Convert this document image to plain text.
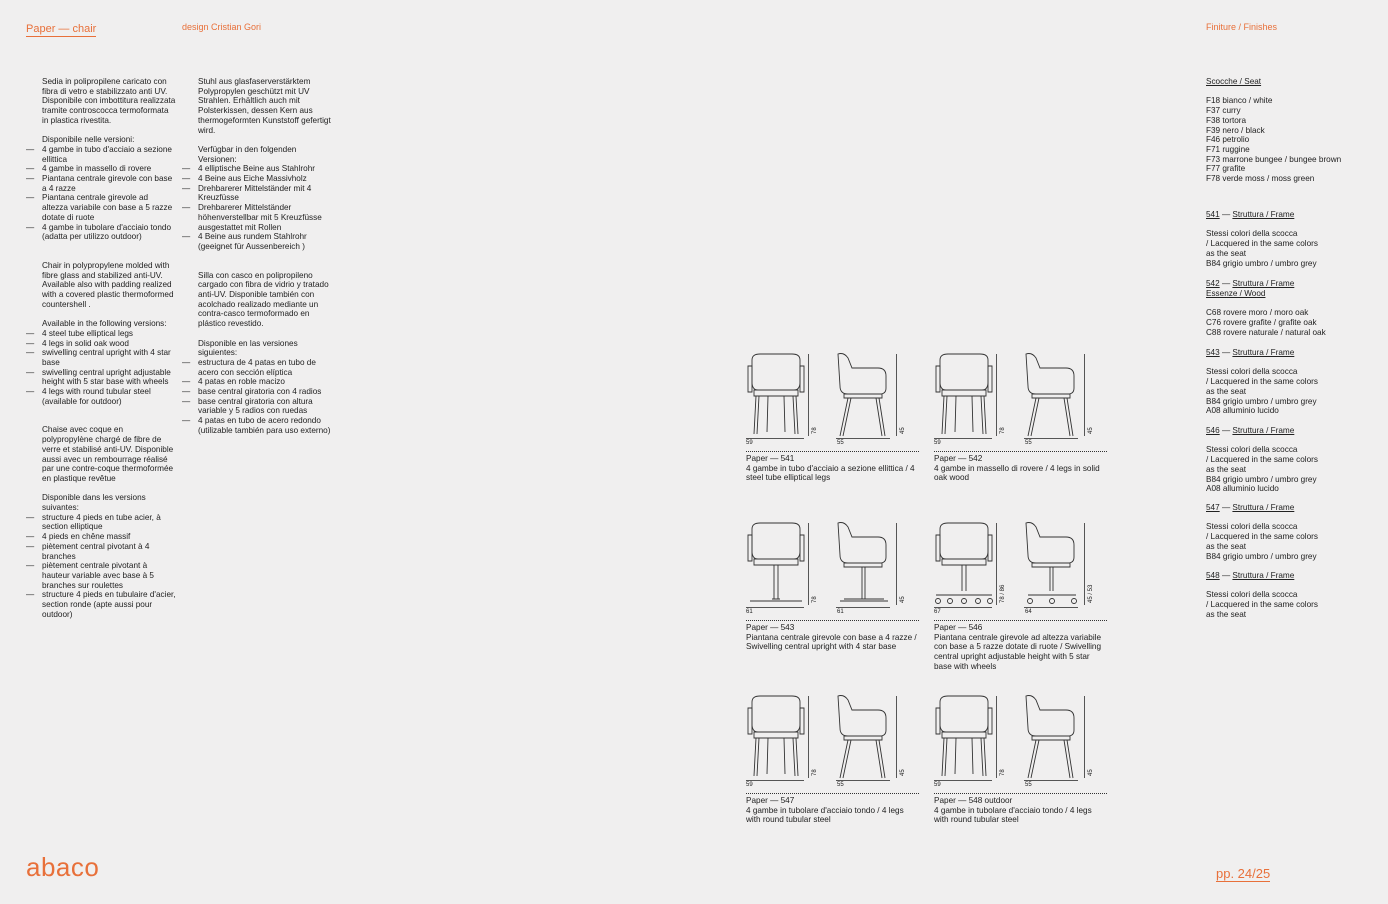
Paper — chair	design Cristian Gori	Finiture / Finishes

Sedia in polipropilene caricato con fibra di vetro e stabilizzato anti UV. Disponibile con imbottitura realizzata tramite controscocca termoformata in plastica rivestita.

Disponibile nelle versioni:

— 4 gambe in tubo d'acciaio a sezione ellittica

— 4 gambe in massello di rovere

— Piantana centrale girevole con base a 4 razze

— Piantana centrale girevole ad altezza variabile con base a 5 razze dotate di ruote

— 4 gambe in tubolare d'acciaio tondo (adatta per utilizzo outdoor)

Chair in polypropylene molded with fibre glass and stabilized anti-UV. Available also with padding realized with a covered plastic thermoformed countershell .

Available in the following versions:

— 4 steel tube elliptical legs

— 4 legs in solid oak wood

— swivelling central upright with 4 star base

— swivelling central upright adjustable height with 5 star base with wheels

— 4 legs with round tubular steel (available for outdoor)

Chaise avec coque en polypropylène chargé de fibre de verre et stabilisé anti-UV. Disponible aussi avec un rembourrage réalisé par une contre-coque thermoformée en plastique revêtue

Disponible dans les versions suivantes:

— structure 4 pieds en tube acier, à section elliptique

— 4 pieds en chêne massif

— piètement central pivotant à 4 branches

— piètement centrale pivotant à hauteur variable avec base à 5 branches sur roulettes

— structure 4 pieds en tubulaire d'acier, section ronde (apte aussi pour outdoor)

Stuhl aus glasfaserverstärktem Polypropylen geschützt mit UV Strahlen. Erhältlich auch mit Polsterkissen, dessen Kern aus thermogeformten Kunststoff gefertigt wird.

Verfügbar in den folgenden Versionen:

— 4 elliptische Beine aus Stahlrohr

— 4 Beine aus Eiche Massivholz

— Drehbarerer Mittelständer mit 4 Kreuzfüsse

— Drehbarerer Mittelständer höhenverstellbar mit 5 Kreuzfüsse ausgestattet mit Rollen

— 4 Beine aus rundem Stahlrohr (geeignet für Aussenbereich )

Silla con casco en polipropileno cargado con fibra de vidrio y tratado anti-UV. Disponible también con acolchado realizado mediante un contra-casco termoformado en plástico revestido.

Disponible en las versiones siguientes:

— estructura de 4 patas en tubo de acero con sección elíptica

— 4 patas en roble macizo

— base central giratoria con 4 radios

— base central giratoria con altura variable y 5 radios con ruedas

— 4 patas en tubo de acero redondo (utilizable también para uso externo)	78	45
59	55
Paper — 541
4 gambe in tubo d'acciaio a sezione ellittica / 4 steel tube elliptical legs
78	45
59	55
Paper — 542
4 gambe in massello di rovere / 4 legs in solid oak wood
78	45
61	61
Paper — 543
Piantana centrale girevole con base a 4 razze / Swivelling central upright with 4 star base
78 / 86	45 / 53
67	64
Paper — 546
Piantana centrale girevole ad altezza variabile con base a 5 razze dotate di ruote / Swivelling central upright adjustable height with 5 star base with wheels
78	45
59	55
Paper — 547
4 gambe in tubolare d'acciaio tondo / 4 legs with round tubular steel
78	45
59	55
Paper — 548 outdoor
4 gambe in tubolare d'acciaio tondo / 4 legs with round tubular steel
Scocche / Seat
F18 bianco / white
F37 curry
F38 tortora
F39 nero / black
F46 petrolio
F71 ruggine
F73 marrone bungee / bungee brown
F77 grafite
F78 verde moss / moss green
541 — Struttura / Frame
Stessi colori della scocca
/ Lacquered in the same colors
as the seat
B84 grigio umbro / umbro grey
542 — Struttura / Frame
Essenze / Wood
C68 rovere moro / moro oak
C76 rovere grafite / grafite oak
C88 rovere naturale / natural oak
543 — Struttura / Frame
Stessi colori della scocca
/ Lacquered in the same colors
as the seat
B84 grigio umbro / umbro grey
A08 alluminio lucido
546 — Struttura / Frame
Stessi colori della scocca
/ Lacquered in the same colors
as the seat
B84 grigio umbro / umbro grey
A08 alluminio lucido
547 — Struttura / Frame
Stessi colori della scocca
/ Lacquered in the same colors
as the seat
B84 grigio umbro / umbro grey
548 — Struttura / Frame
Stessi colori della scocca
/ Lacquered in the same colors
as the seat
abaco	pp. 24/25
